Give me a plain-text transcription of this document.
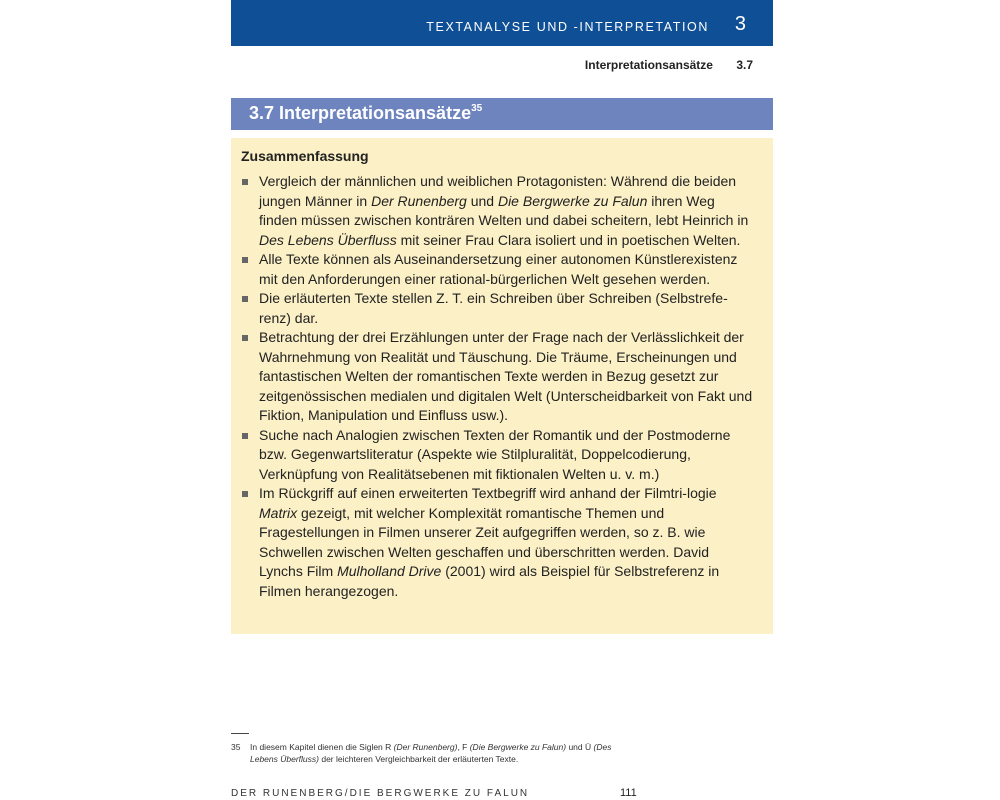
TEXTANALYSE UND -INTERPRETATION 3
Interpretationsansätze 3.7
3.7 Interpretationsansätze$^{35}$
Zusammenfassung
Vergleich der männlichen und weiblichen Protagonisten: Während die beiden jungen Männer in Der Runenberg und Die Bergwerke zu Falun ihren Weg finden müssen zwischen konträren Welten und dabei scheitern, lebt Heinrich in Des Lebens Überfluss mit seiner Frau Clara isoliert und in poetischen Welten.
Alle Texte können als Auseinandersetzung einer autonomen Künstlerexistenz mit den Anforderungen einer rational-bürgerlichen Welt gesehen werden.
Die erläuterten Texte stellen Z. T. ein Schreiben über Schreiben (Selbstrefe-renz) dar.
Betrachtung der drei Erzählungen unter der Frage nach der Verlässlichkeit der Wahrnehmung von Realität und Täuschung. Die Träume, Erscheinungen und fantastischen Welten der romantischen Texte werden in Bezug gesetzt zur zeitgenössischen medialen und digitalen Welt (Unterscheidbarkeit von Fakt und Fiktion, Manipulation und Einfluss usw.).
Suche nach Analogien zwischen Texten der Romantik und der Postmoderne bzw. Gegenwartsliteratur (Aspekte wie Stilpluralität, Doppelcodierung, Verknüpfung von Realitätsebenen mit fiktionalen Welten u. v. m.)
Im Rückgriff auf einen erweiterten Textbegriff wird anhand der Filmtri-logie Matrix gezeigt, mit welcher Komplexität romantische Themen und Fragestellungen in Filmen unserer Zeit aufgegriffen werden, so z. B. wie Schwellen zwischen Welten geschaffen und überschritten werden. David Lynchs Film Mulholland Drive (2001) wird als Beispiel für Selbstreferenz in Filmen herangezogen.
35	In diesem Kapitel dienen die Siglen R (Der Runenberg), F (Die Bergwerke zu Falun) und Ü (Des Lebens Überfluss) der leichteren Vergleichbarkeit der erläuterten Texte.
DER RUNENBERG/DIE BERGWERKE ZU FALUN	111
